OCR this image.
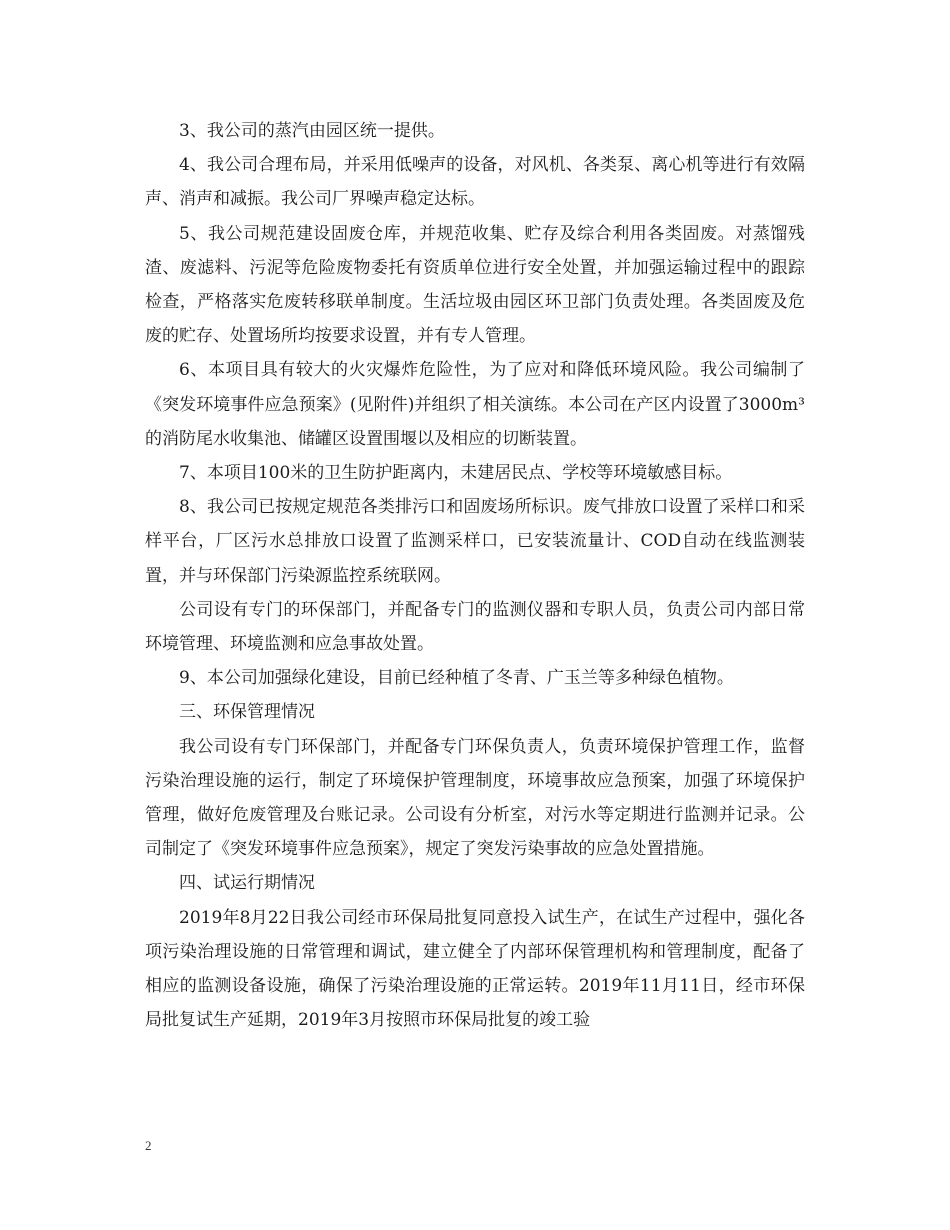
3、我公司的蒸汽由园区统一提供。

4、我公司合理布局，并采用低噪声的设备，对风机、各类泵、离心机等进行有效隔声、消声和减振。我公司厂界噪声稳定达标。

5、我公司规范建设固废仓库，并规范收集、贮存及综合利用各类固废。对蒸馏残渣、废滤料、污泥等危险废物委托有资质单位进行安全处置，并加强运输过程中的跟踪检查，严格落实危废转移联单制度。生活垃圾由园区环卫部门负责处理。各类固废及危废的贮存、处置场所均按要求设置，并有专人管理。

6、本项目具有较大的火灾爆炸危险性，为了应对和降低环境风险。我公司编制了《突发环境事件应急预案》(见附件)并组织了相关演练。本公司在产区内设置了3000m³ 的消防尾水收集池、储罐区设置围堰以及相应的切断装置。

7、本项目100米的卫生防护距离内，未建居民点、学校等环境敏感目标。

8、我公司已按规定规范各类排污口和固废场所标识。废气排放口设置了采样口和采样平台，厂区污水总排放口设置了监测采样口，已安装流量计、COD自动在线监测装置，并与环保部门污染源监控系统联网。

公司设有专门的环保部门，并配备专门的监测仪器和专职人员，负责公司内部日常环境管理、环境监测和应急事故处置。

9、本公司加强绿化建设，目前已经种植了冬青、广玉兰等多种绿色植物。

三、环保管理情况

我公司设有专门环保部门，并配备专门环保负责人，负责环境保护管理工作，监督污染治理设施的运行，制定了环境保护管理制度，环境事故应急预案，加强了环境保护管理，做好危废管理及台账记录。公司设有分析室，对污水等定期进行监测并记录。公司制定了《突发环境事件应急预案》，规定了突发污染事故的应急处置措施。

四、试运行期情况

2019年8月22日我公司经市环保局批复同意投入试生产，在试生产过程中，强化各项污染治理设施的日常管理和调试，建立健全了内部环保管理机构和管理制度，配备了相应的监测设备设施，确保了污染治理设施的正常运转。2019年11月11日，经市环保局批复试生产延期，2019年3月按照市环保局批复的竣工验

2
